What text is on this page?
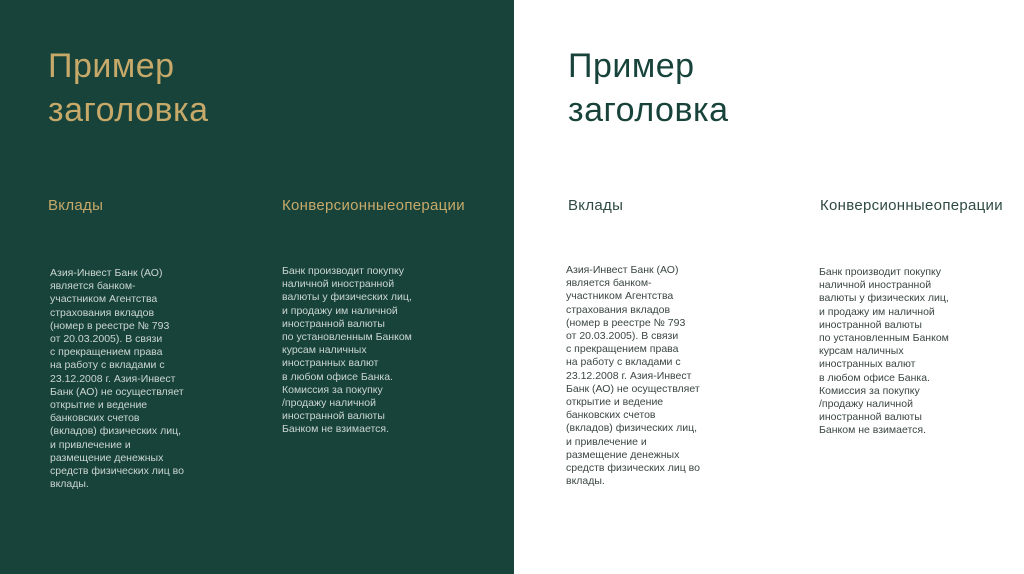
Пример
заголовка
Вклады
Азия-Инвест Банк (АО)
является банком-
участником Агентства
страхования вкладов
(номер в реестре № 793
от 20.03.2005). В связи
с прекращением права
на работу с вкладами с
23.12.2008 г. Азия-Инвест
Банк (АО) не осуществляет
открытие и ведение
банковских счетов
(вкладов) физических лиц,
и привлечение и
размещение денежных
средств физических лиц во
вклады.
Конверсионныеоперации
Банк производит покупку
наличной иностранной
валюты у физических лиц,
и продажу им наличной
иностранной валюты
по установленным Банком
курсам наличных
иностранных валют
в любом офисе Банка.
Комиссия за покупку
/продажу наличной
иностранной валюты
Банком не взимается.
Пример
заголовка
Вклады
Азия-Инвест Банк (АО)
является банком-
участником Агентства
страхования вкладов
(номер в реестре № 793
от 20.03.2005). В связи
с прекращением права
на работу с вкладами с
23.12.2008 г. Азия-Инвест
Банк (АО) не осуществляет
открытие и ведение
банковских счетов
(вкладов) физических лиц,
и привлечение и
размещение денежных
средств физических лиц во
вклады.
Конверсионныеоперации
Банк производит покупку
наличной иностранной
валюты у физических лиц,
и продажу им наличной
иностранной валюты
по установленным Банком
курсам наличных
иностранных валют
в любом офисе Банка.
Комиссия за покупку
/продажу наличной
иностранной валюты
Банком не взимается.
